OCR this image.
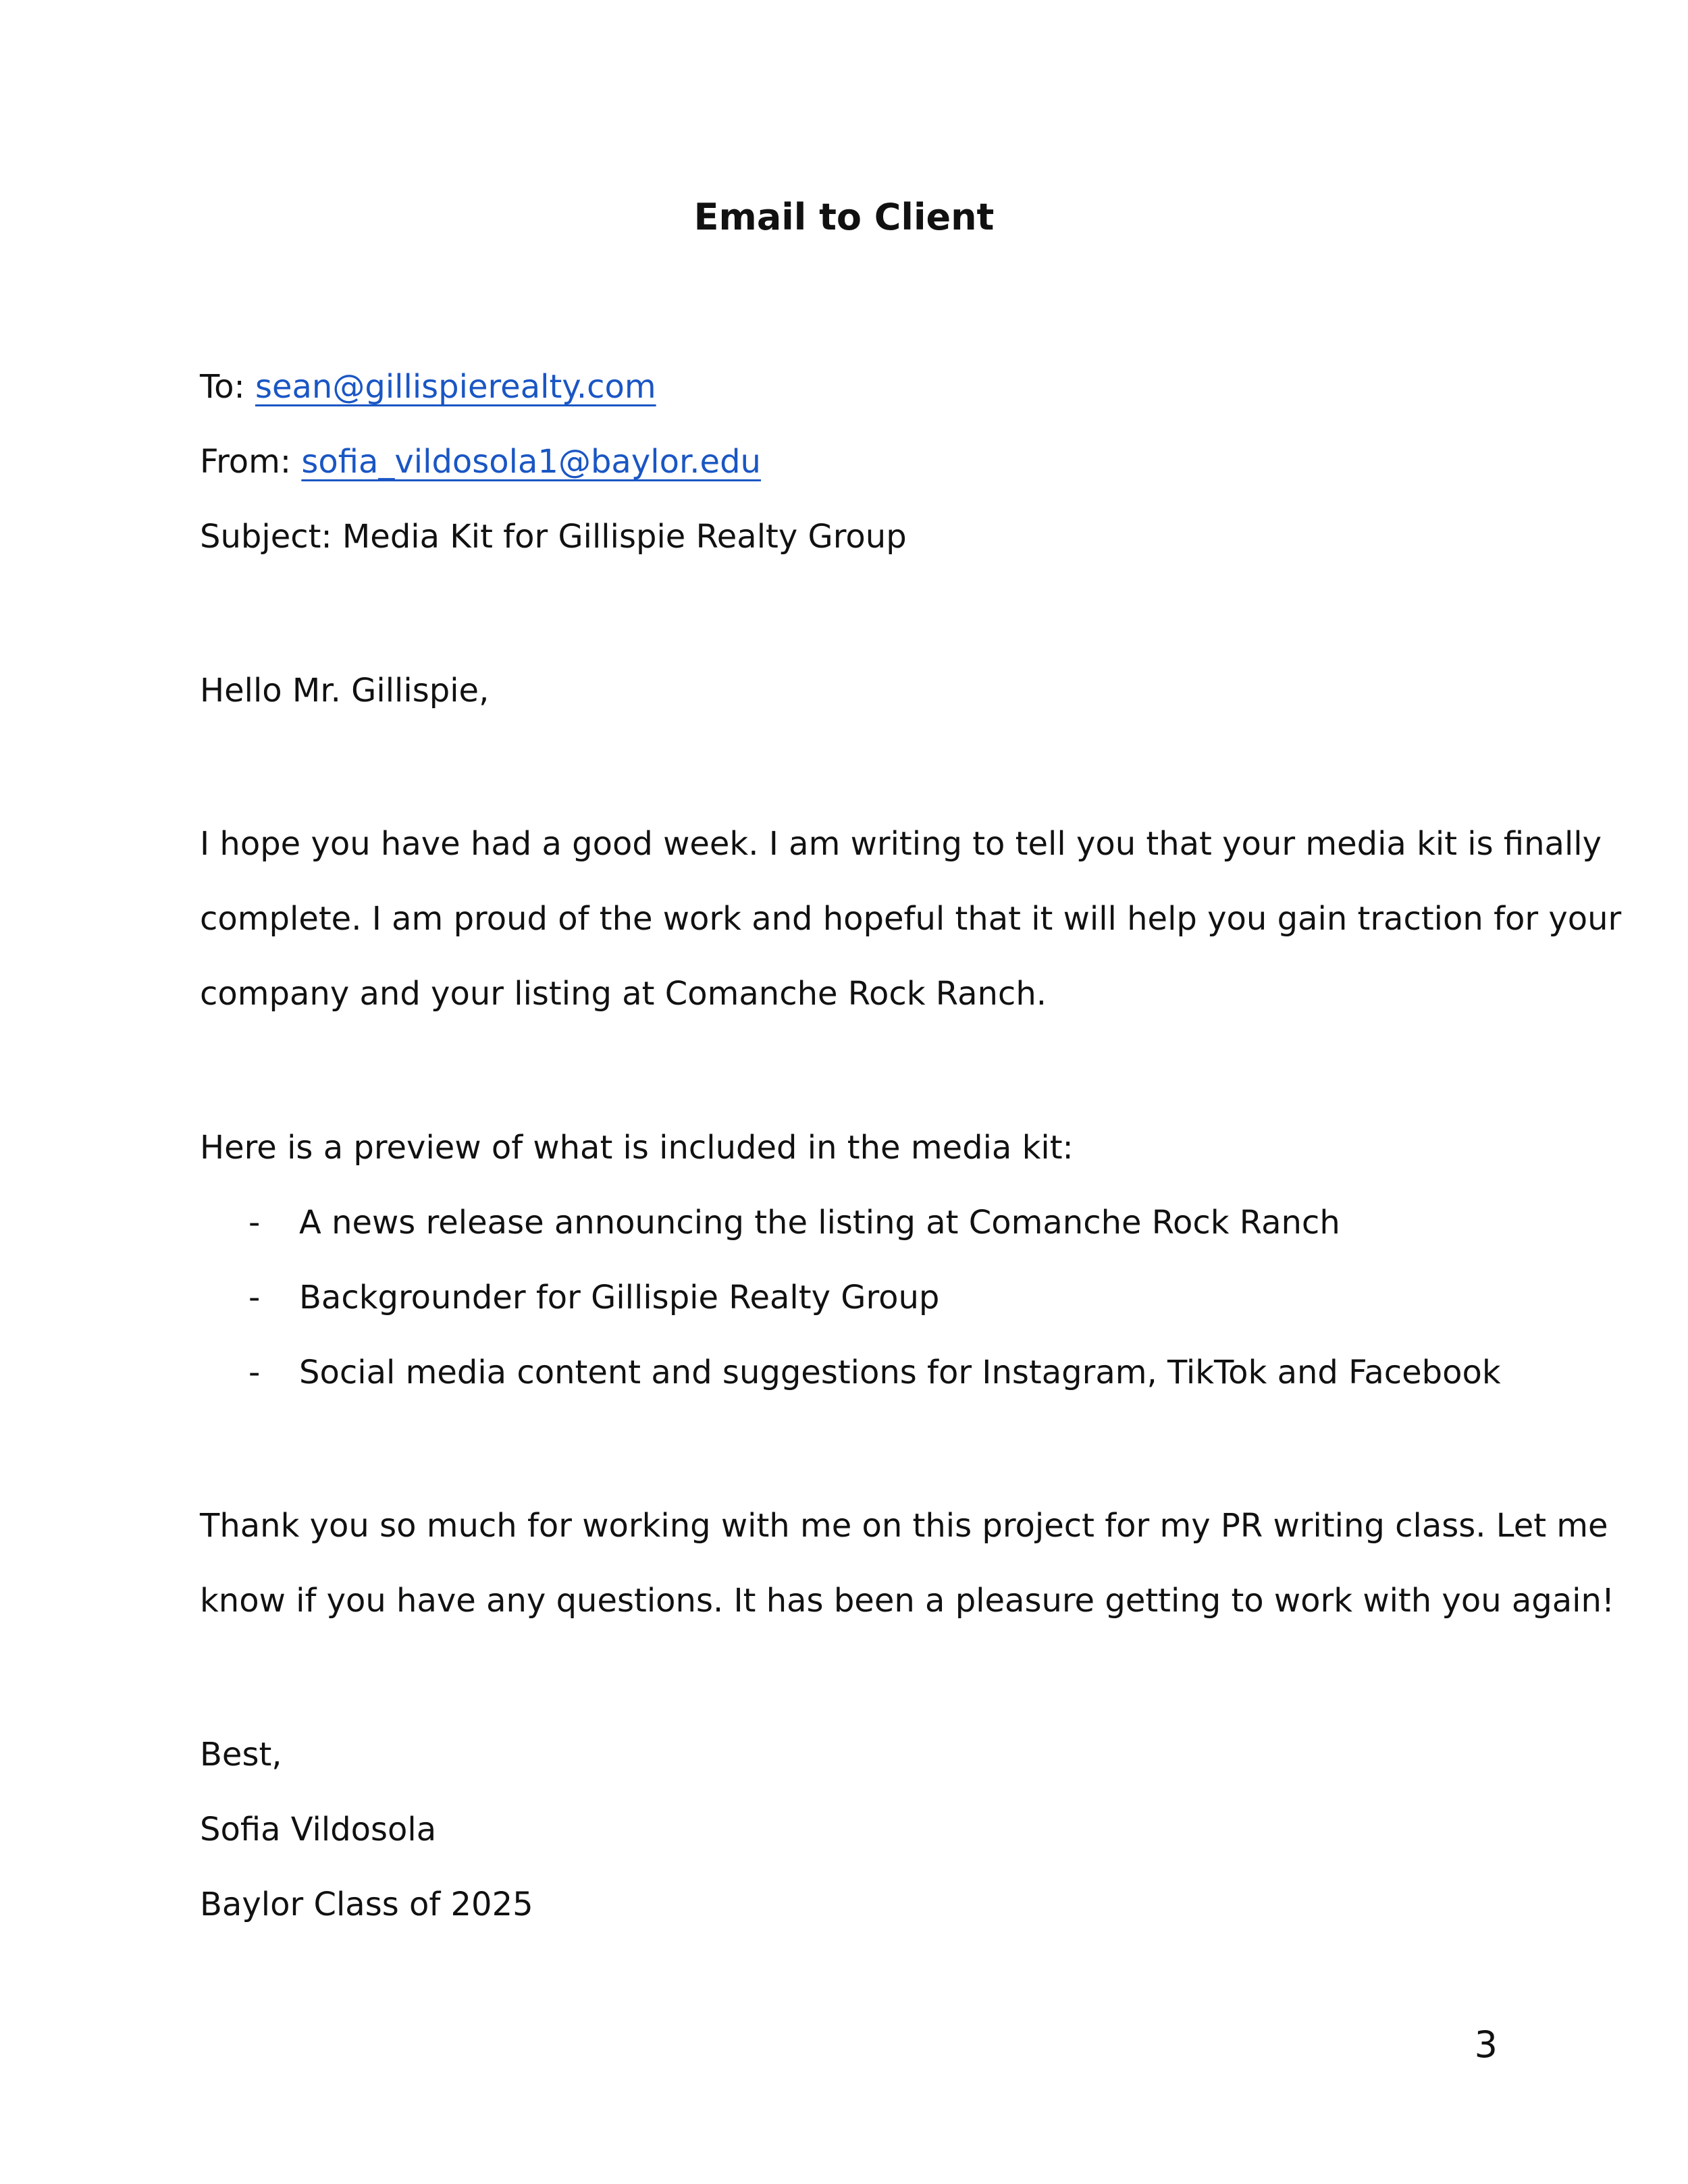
Email to Client

To: sean@gillispierealty.com

From: sofia_vildosola1@baylor.edu

Subject: Media Kit for Gillispie Realty Group

Hello Mr. Gillispie,

I hope you have had a good week. I am writing to tell you that your media kit is finally

complete. I am proud of the work and hopeful that it will help you gain traction for your

company and your listing at Comanche Rock Ranch.

Here is a preview of what is included in the media kit:

- A news release announcing the listing at Comanche Rock Ranch

- Backgrounder for Gillispie Realty Group

- Social media content and suggestions for Instagram, TikTok and Facebook

Thank you so much for working with me on this project for my PR writing class. Let me

know if you have any questions. It has been a pleasure getting to work with you again!

Best,

Sofia Vildosola

Baylor Class of 2025

3
